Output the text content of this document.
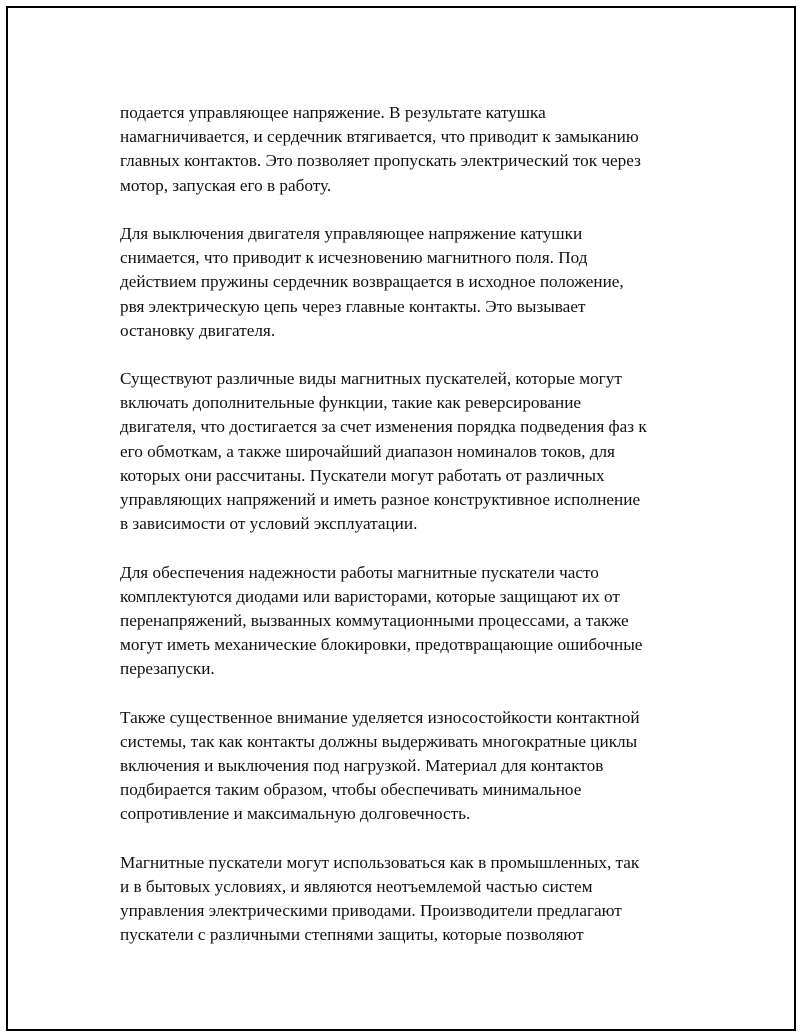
подается управляющее напряжение. В результате катушка
намагничивается, и сердечник втягивается, что приводит к замыканию
главных контактов. Это позволяет пропускать электрический ток через
мотор, запуская его в работу.

Для выключения двигателя управляющее напряжение катушки
снимается, что приводит к исчезновению магнитного поля. Под
действием пружины сердечник возвращается в исходное положение,
рвя электрическую цепь через главные контакты. Это вызывает
остановку двигателя.

Существуют различные виды магнитных пускателей, которые могут
включать дополнительные функции, такие как реверсирование
двигателя, что достигается за счет изменения порядка подведения фаз к
его обмоткам, а также широчайший диапазон номиналов токов, для
которых они рассчитаны. Пускатели могут работать от различных
управляющих напряжений и иметь разное конструктивное исполнение
в зависимости от условий эксплуатации.

Для обеспечения надежности работы магнитные пускатели часто
комплектуются диодами или варисторами, которые защищают их от
перенапряжений, вызванных коммутационными процессами, а также
могут иметь механические блокировки, предотвращающие ошибочные
перезапуски.

Также существенное внимание уделяется износостойкости контактной
системы, так как контакты должны выдерживать многократные циклы
включения и выключения под нагрузкой. Материал для контактов
подбирается таким образом, чтобы обеспечивать минимальное
сопротивление и максимальную долговечность.

Магнитные пускатели могут использоваться как в промышленных, так
и в бытовых условиях, и являются неотъемлемой частью систем
управления электрическими приводами. Производители предлагают
пускатели с различными степнями защиты, которые позволяют
